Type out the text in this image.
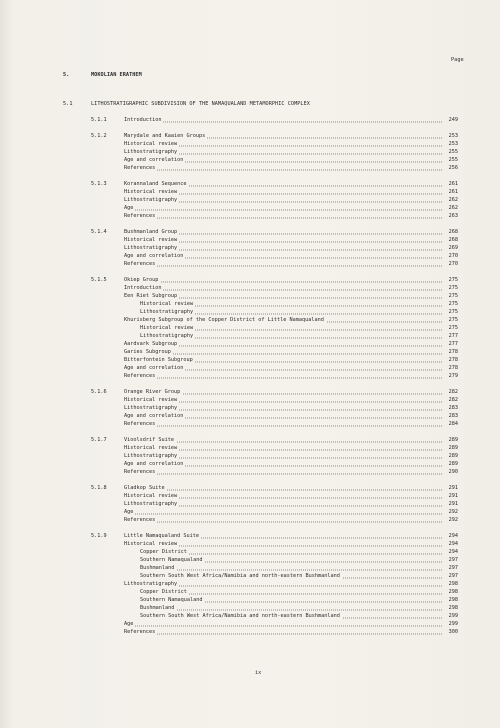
Page
5.	MOKOLIAN ERATHEM
5.1	LITHOSTRATIGRAPHIC SUBDIVISION OF THE NAMAQUALAND METAMORPHIC COMPLEX
5.1.1	Introduction	249
5.1.2	Marydale and Kaaien Groups	253
Historical review	253
Lithostratigraphy	255
Age and correlation	255
References	256
5.1.3	Korannaland Sequence	261
Historical review	261
Lithostratigraphy	262
Age	262
References	263
5.1.4	Bushmanland Group	268
Historical review	268
Lithostratigraphy	269
Age and correlation	270
References	270
5.1.5	Okiep Group	275
Introduction	275
Een Riet Subgroup	275
Historical review	275
Lithostratigraphy	275
Khurisberg Subgroup of the Copper District of Little Namaqualand	275
Historical review	275
Lithostratigraphy	277
Aardvark Subgroup	277
Garies Subgroup	278
Bitterfontein Subgroup	278
Age and correlation	278
References	279
5.1.6	Orange River Group	282
Historical review	282
Lithostratigraphy	283
Age and correlation	283
References	284
5.1.7	Vioolsdrif Suite	289
Historical review	289
Lithostratigraphy	289
Age and correlation	289
References	290
5.1.8	Gladkop Suite	291
Historical review	291
Lithostratigraphy	291
Age	292
References	292
5.1.9	Little Namaqualand Suite	294
Historical review	294
Copper District	294
Southern Namaqualand	297
Bushmanland	297
Southern South West Africa/Namibia and north-eastern Bushmanland	297
Lithostratigraphy	298
Copper District	298
Southern Namaqualand	298
Bushmanland	298
Southern South West Africa/Namibia and north-eastern Bushmanland	299
Age	299
References	300
ix
